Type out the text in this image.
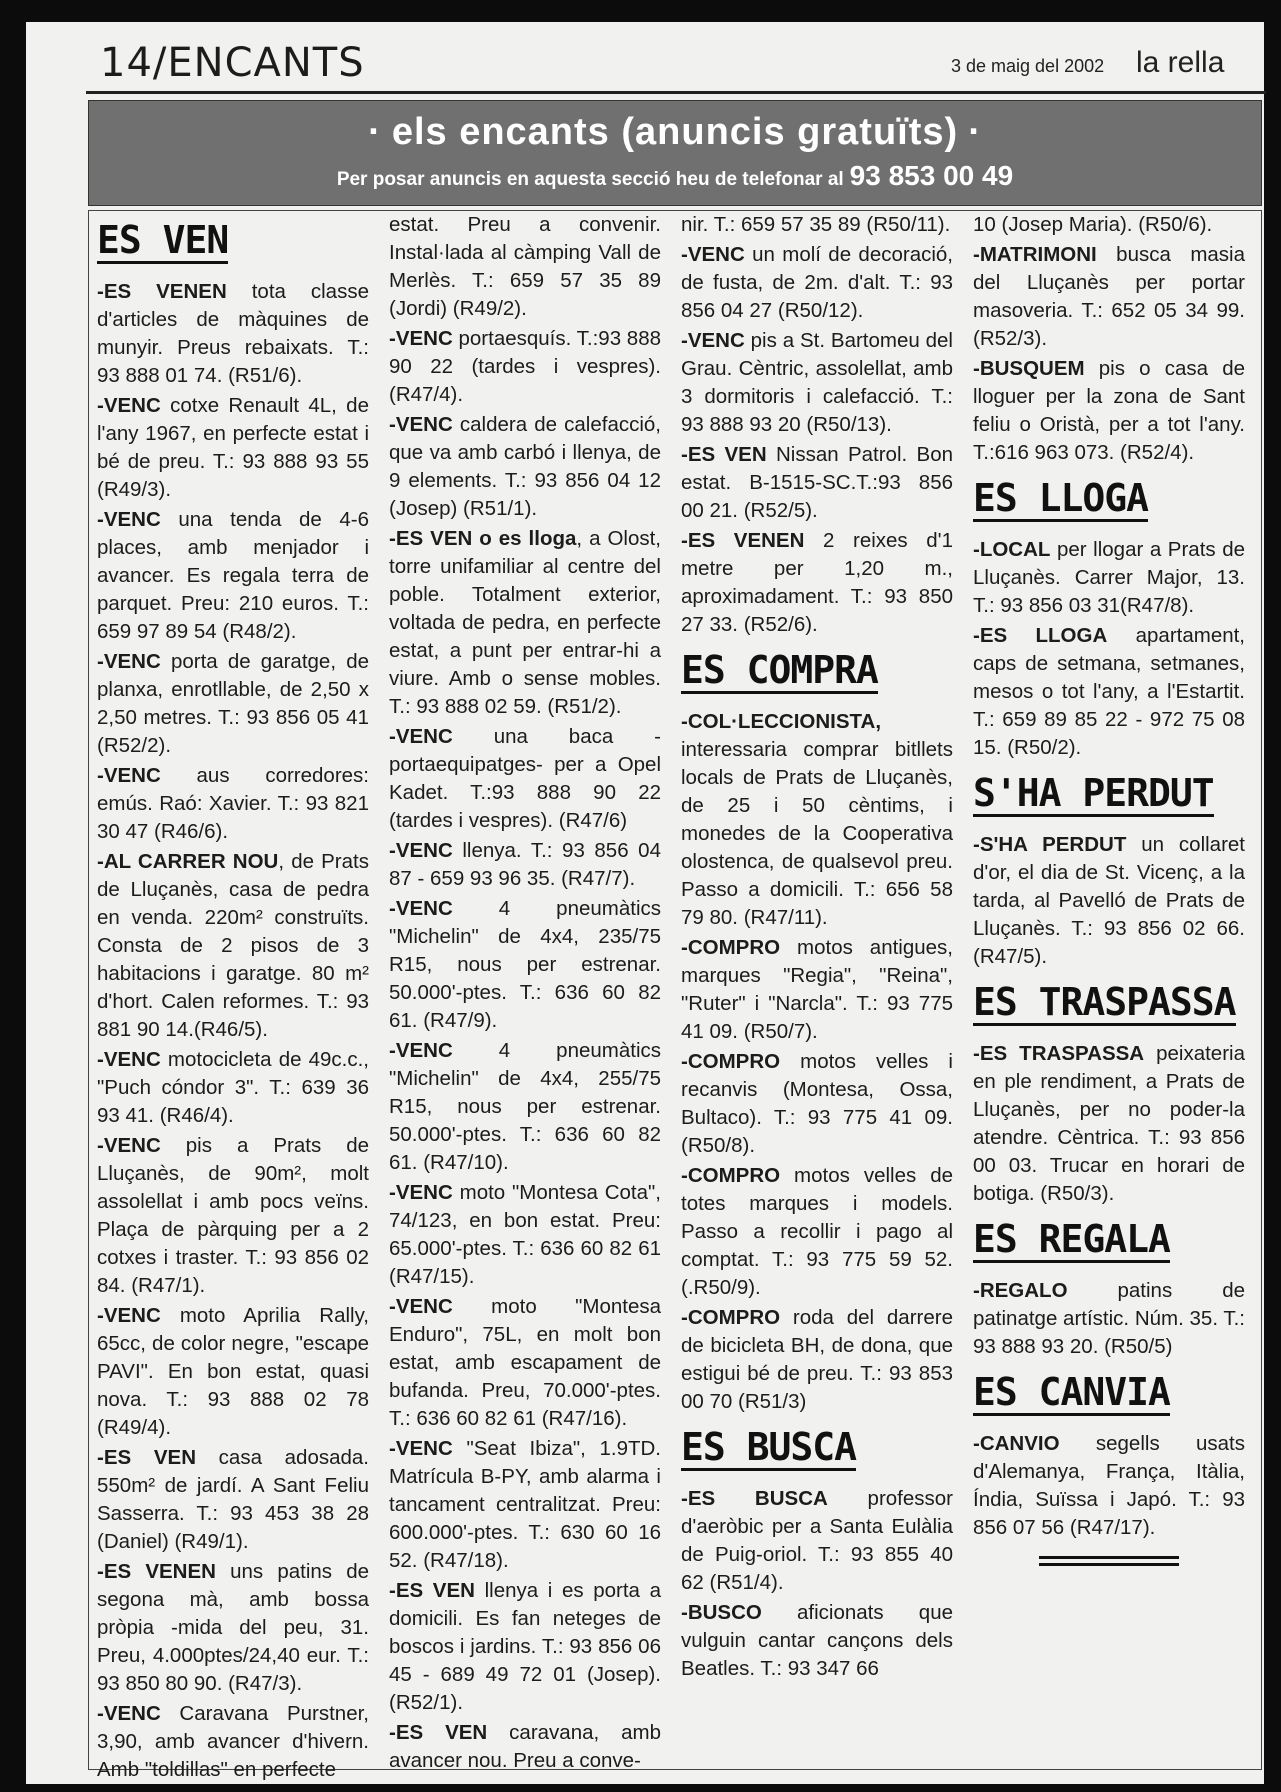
14/ENCANTS	3 de maig del 2002 la rella
· els encants (anuncis gratuïts) ·
Per posar anuncis en aquesta secció heu de telefonar al 93 853 00 49
ES VEN

-ES VENEN tota classe d'articles de màquines de munyir. Preus rebaixats. T.: 93 888 01 74. (R51/6).

-VENC cotxe Renault 4L, de l'any 1967, en perfecte estat i bé de preu. T.: 93 888 93 55 (R49/3).

-VENC una tenda de 4-6 places, amb menjador i avancer. Es regala terra de parquet. Preu: 210 euros. T.: 659 97 89 54 (R48/2).

-VENC porta de garatge, de planxa, enrotllable, de 2,50 x 2,50 metres. T.: 93 856 05 41 (R52/2).

-VENC aus corredores: emús. Raó: Xavier. T.: 93 821 30 47 (R46/6).

-AL CARRER NOU, de Prats de Lluçanès, casa de pedra en venda. 220m² construïts. Consta de 2 pisos de 3 habitacions i garatge. 80 m² d'hort. Calen reformes. T.: 93 881 90 14.(R46/5).

-VENC motocicleta de 49c.c., "Puch cóndor 3". T.: 639 36 93 41. (R46/4).

-VENC pis a Prats de Lluçanès, de 90m², molt assolellat i amb pocs veïns. Plaça de pàrquing per a 2 cotxes i traster. T.: 93 856 02 84. (R47/1).

-VENC moto Aprilia Rally, 65cc, de color negre, "escape PAVI". En bon estat, quasi nova. T.: 93 888 02 78 (R49/4).

-ES VEN casa adosada. 550m² de jardí. A Sant Feliu Sasserra. T.: 93 453 38 28 (Daniel) (R49/1).

-ES VENEN uns patins de segona mà, amb bossa pròpia -mida del peu, 31. Preu, 4.000ptes/24,40 eur. T.: 93 850 80 90. (R47/3).

-VENC Caravana Purstner, 3,90, amb avancer d'hivern. Amb "toldillas" en perfecte

estat. Preu a convenir. Instal·lada al càmping Vall de Merlès. T.: 659 57 35 89 (Jordi) (R49/2).

-VENC portaesquís. T.:93 888 90 22 (tardes i vespres). (R47/4).

-VENC caldera de calefacció, que va amb carbó i llenya, de 9 elements. T.: 93 856 04 12 (Josep) (R51/1).

-ES VEN o es lloga, a Olost, torre unifamiliar al centre del poble. Totalment exterior, voltada de pedra, en perfecte estat, a punt per entrar-hi a viure. Amb o sense mobles. T.: 93 888 02 59. (R51/2).

-VENC una baca -portaequipatges- per a Opel Kadet. T.:93 888 90 22 (tardes i vespres). (R47/6)

-VENC llenya. T.: 93 856 04 87 - 659 93 96 35. (R47/7).

-VENC 4 pneumàtics "Michelin" de 4x4, 235/75 R15, nous per estrenar. 50.000'-ptes. T.: 636 60 82 61. (R47/9).

-VENC 4 pneumàtics "Michelin" de 4x4, 255/75 R15, nous per estrenar. 50.000'-ptes. T.: 636 60 82 61. (R47/10).

-VENC moto "Montesa Cota", 74/123, en bon estat. Preu: 65.000'-ptes. T.: 636 60 82 61 (R47/15).

-VENC moto "Montesa Enduro", 75L, en molt bon estat, amb escapament de bufanda. Preu, 70.000'-ptes. T.: 636 60 82 61 (R47/16).

-VENC "Seat Ibiza", 1.9TD. Matrícula B-PY, amb alarma i tancament centralitzat. Preu: 600.000'-ptes. T.: 630 60 16 52. (R47/18).

-ES VEN llenya i es porta a domicili. Es fan neteges de boscos i jardins. T.: 93 856 06 45 - 689 49 72 01 (Josep). (R52/1).

-ES VEN caravana, amb avancer nou. Preu a conve-

nir. T.: 659 57 35 89 (R50/11).

-VENC un molí de decoració, de fusta, de 2m. d'alt. T.: 93 856 04 27 (R50/12).

-VENC pis a St. Bartomeu del Grau. Cèntric, assolellat, amb 3 dormitoris i calefacció. T.: 93 888 93 20 (R50/13).

-ES VEN Nissan Patrol. Bon estat. B-1515-SC.T.:93 856 00 21. (R52/5).

-ES VENEN 2 reixes d'1 metre per 1,20 m., aproximadament. T.: 93 850 27 33. (R52/6).

ES COMPRA

-COL·LECCIONISTA, interessaria comprar bitllets locals de Prats de Lluçanès, de 25 i 50 cèntims, i monedes de la Cooperativa olostenca, de qualsevol preu. Passo a domicili. T.: 656 58 79 80. (R47/11).

-COMPRO motos antigues, marques "Regia", "Reina", "Ruter" i "Narcla". T.: 93 775 41 09. (R50/7).

-COMPRO motos velles i recanvis (Montesa, Ossa, Bultaco). T.: 93 775 41 09.(R50/8).

-COMPRO motos velles de totes marques i models. Passo a recollir i pago al comptat. T.: 93 775 59 52. (.R50/9).

-COMPRO roda del darrere de bicicleta BH, de dona, que estigui bé de preu. T.: 93 853 00 70 (R51/3)

ES BUSCA

-ES BUSCA professor d'aeròbic per a Santa Eulàlia de Puig-oriol. T.: 93 855 40 62 (R51/4).

-BUSCO aficionats que vulguin cantar cançons dels Beatles. T.: 93 347 66

10 (Josep Maria). (R50/6).

-MATRIMONI busca masia del Lluçanès per portar masoveria. T.: 652 05 34 99. (R52/3).

-BUSQUEM pis o casa de lloguer per la zona de Sant feliu o Oristà, per a tot l'any. T.:616 963 073. (R52/4).

ES LLOGA

-LOCAL per llogar a Prats de Lluçanès. Carrer Major, 13. T.: 93 856 03 31(R47/8).

-ES LLOGA apartament, caps de setmana, setmanes, mesos o tot l'any, a l'Estartit. T.: 659 89 85 22 - 972 75 08 15. (R50/2).

S'HA PERDUT

-S'HA PERDUT un collaret d'or, el dia de St. Vicenç, a la tarda, al Pavelló de Prats de Lluçanès. T.: 93 856 02 66. (R47/5).

ES TRASPASSA

-ES TRASPASSA peixateria en ple rendiment, a Prats de Lluçanès, per no poder-la atendre. Cèntrica. T.: 93 856 00 03. Trucar en horari de botiga. (R50/3).

ES REGALA

-REGALO patins de patinatge artístic. Núm. 35. T.: 93 888 93 20. (R50/5)

ES CANVIA

-CANVIO segells usats d'Alemanya, França, Itàlia, Índia, Suïssa i Japó. T.: 93 856 07 56 (R47/17).
